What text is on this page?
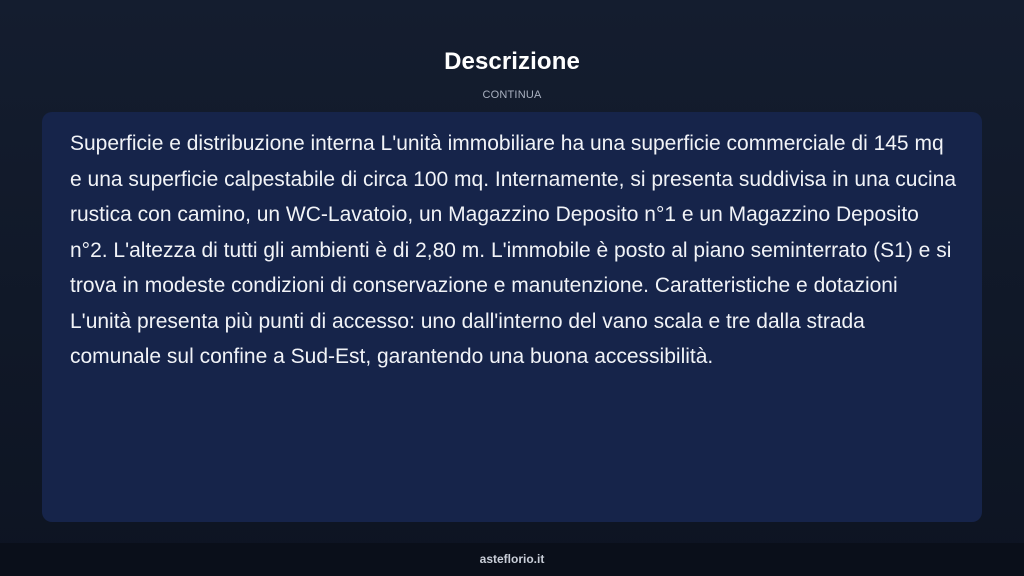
Descrizione
CONTINUA

Superficie e distribuzione interna L'unità immobiliare ha una superficie commerciale di 145 mq e una superficie calpestabile di circa 100 mq. Internamente, si presenta suddivisa in una cucina rustica con camino, un WC-Lavatoio, un Magazzino Deposito n°1 e un Magazzino Deposito n°2. L'altezza di tutti gli ambienti è di 2,80 m. L'immobile è posto al piano seminterrato (S1) e si trova in modeste condizioni di conservazione e manutenzione. Caratteristiche e dotazioni L'unità presenta più punti di accesso: uno dall'interno del vano scala e tre dalla strada comunale sul confine a Sud-Est, garantendo una buona accessibilità.

asteflorio.it
